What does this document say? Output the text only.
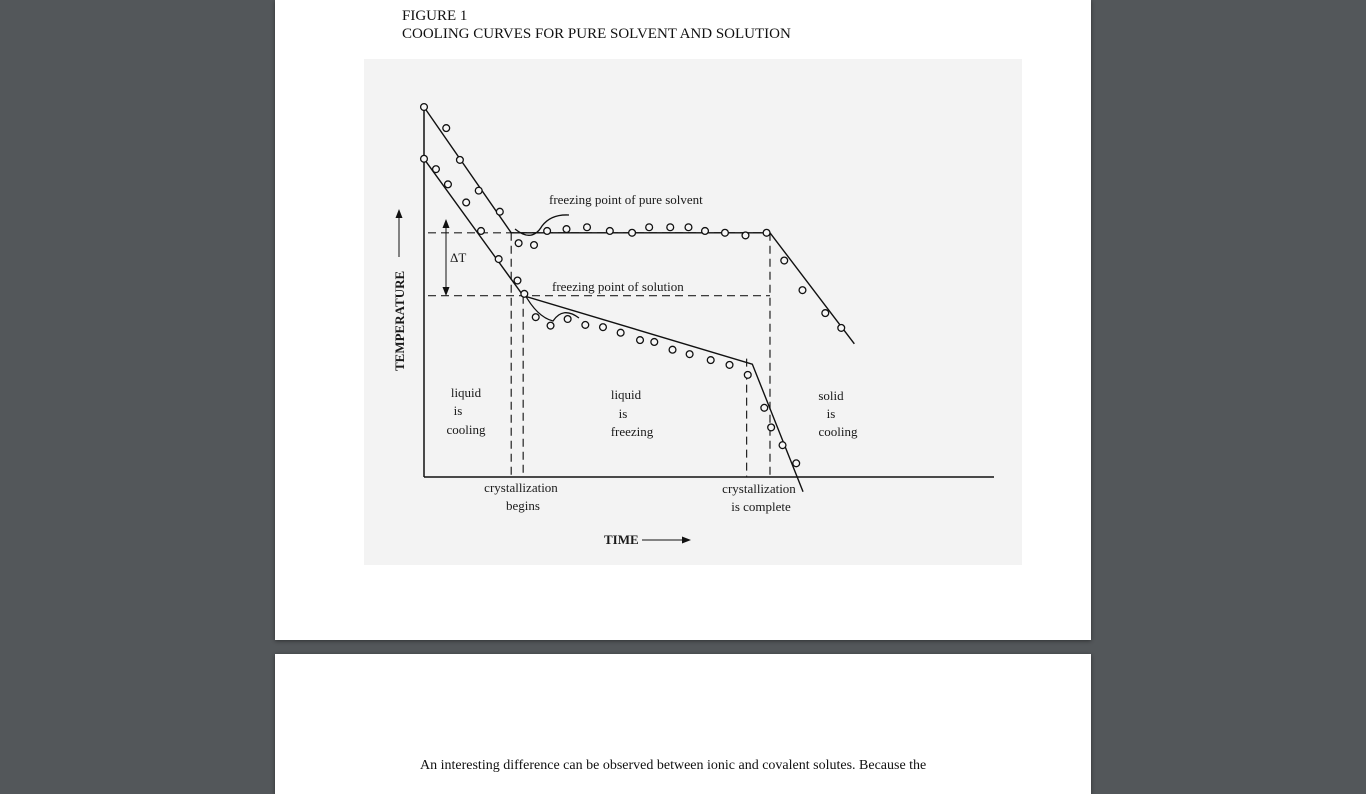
FIGURE 1
COOLING CURVES FOR PURE SOLVENT AND SOLUTION
TEMPERATURE
TIME
ΔT
freezing point of pure solvent
freezing point of solution
liquid
is
cooling
liquid
is
freezing
solid
is
cooling
crystallization
begins
crystallization
is complete
An interesting difference can be observed between ionic and covalent solutes. Because the
